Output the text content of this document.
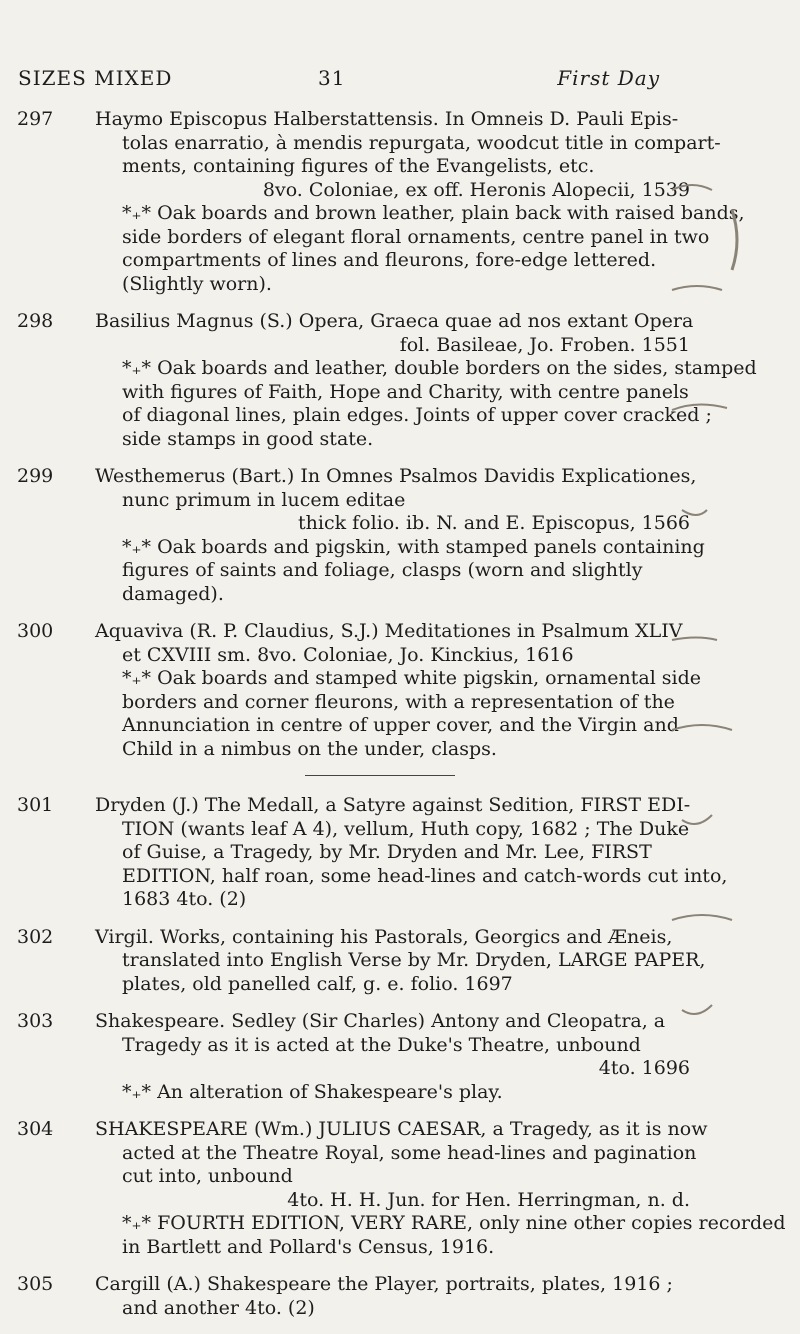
SIZES MIXED	31	First Day
297 Haymo Episcopus Halberstattensis. In Omneis D. Pauli Epis-
tolas enarratio, à mendis repurgata, woodcut title in compart-
ments, containing figures of the Evangelists, etc.
8vo. Coloniae, ex off. Heronis Alopecii, 1539
*₊* Oak boards and brown leather, plain back with raised bands,
side borders of elegant floral ornaments, centre panel in two
compartments of lines and fleurons, fore-edge lettered.
(Slightly worn).
298 Basilius Magnus (S.) Opera, Graeca quae ad nos extant Opera
fol. Basileae, Jo. Froben. 1551
*₊* Oak boards and leather, double borders on the sides, stamped
with figures of Faith, Hope and Charity, with centre panels
of diagonal lines, plain edges. Joints of upper cover cracked ;
side stamps in good state.
299 Westhemerus (Bart.) In Omnes Psalmos Davidis Explicationes,
nunc primum in lucem editae
thick folio. ib. N. and E. Episcopus, 1566
*₊* Oak boards and pigskin, with stamped panels containing
figures of saints and foliage, clasps (worn and slightly
damaged).
300 Aquaviva (R. P. Claudius, S.J.) Meditationes in Psalmum XLIV
et CXVIII sm. 8vo. Coloniae, Jo. Kinckius, 1616
*₊* Oak boards and stamped white pigskin, ornamental side
borders and corner fleurons, with a representation of the
Annunciation in centre of upper cover, and the Virgin and
Child in a nimbus on the under, clasps.
301 Dryden (J.) The Medall, a Satyre against Sedition, FIRST EDI-
TION (wants leaf A 4), vellum, Huth copy, 1682 ; The Duke
of Guise, a Tragedy, by Mr. Dryden and Mr. Lee, FIRST
EDITION, half roan, some head-lines and catch-words cut into,
1683 4to. (2)
302 Virgil. Works, containing his Pastorals, Georgics and Æneis,
translated into English Verse by Mr. Dryden, LARGE PAPER,
plates, old panelled calf, g. e. folio. 1697
303 Shakespeare. Sedley (Sir Charles) Antony and Cleopatra, a
Tragedy as it is acted at the Duke's Theatre, unbound
4to. 1696
*₊* An alteration of Shakespeare's play.
304 SHAKESPEARE (Wm.) JULIUS CAESAR, a Tragedy, as it is now
acted at the Theatre Royal, some head-lines and pagination
cut into, unbound
4to. H. H. Jun. for Hen. Herringman, n. d.
*₊* FOURTH EDITION, VERY RARE, only nine other copies recorded
in Bartlett and Pollard's Census, 1916.
305 Cargill (A.) Shakespeare the Player, portraits, plates, 1916 ;
and another 4to. (2)
